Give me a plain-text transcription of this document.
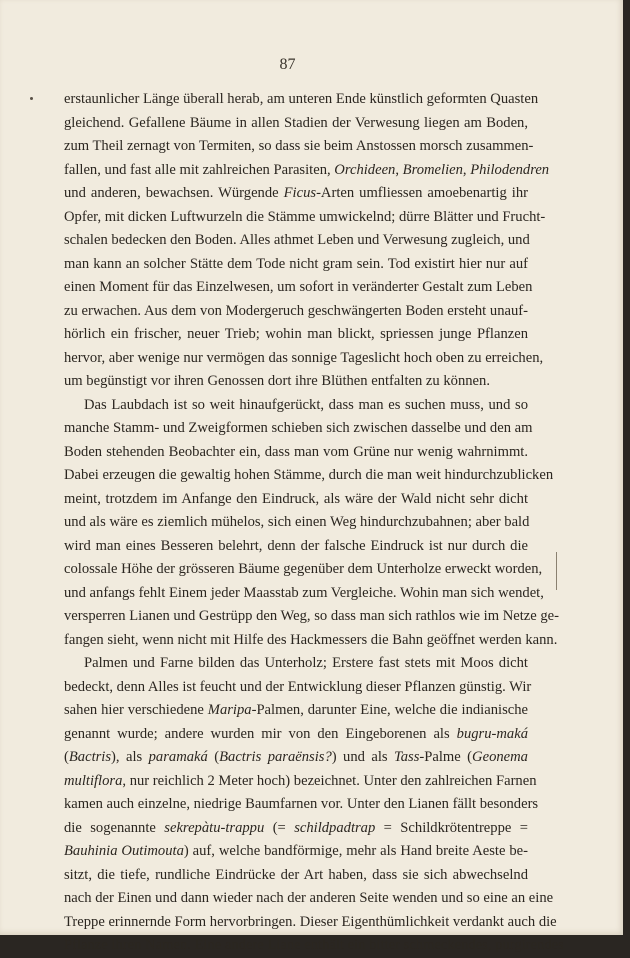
87
erstaunlicher Länge überall herab, am unteren Ende künstlich geformten Quasten
gleichend. Gefallene Bäume in allen Stadien der Verwesung liegen am Boden,
zum Theil zernagt von Termiten, so dass sie beim Anstossen morsch zusammen-
fallen, und fast alle mit zahlreichen Parasiten, Orchideen, Bromelien, Philodendren
und anderen, bewachsen. Würgende Ficus-Arten umfliessen amoebenartig ihr
Opfer, mit dicken Luftwurzeln die Stämme umwickelnd; dürre Blätter und Frucht-
schalen bedecken den Boden. Alles athmet Leben und Verwesung zugleich, und
man kann an solcher Stätte dem Tode nicht gram sein. Tod existirt hier nur auf
einen Moment für das Einzelwesen, um sofort in veränderter Gestalt zum Leben
zu erwachen. Aus dem von Modergeruch geschwängerten Boden ersteht unauf-
hörlich ein frischer, neuer Trieb; wohin man blickt, spriessen junge Pflanzen
hervor, aber wenige nur vermögen das sonnige Tageslicht hoch oben zu erreichen,
um begünstigt vor ihren Genossen dort ihre Blüthen entfalten zu können.
Das Laubdach ist so weit hinaufgerückt, dass man es suchen muss, und so
manche Stamm- und Zweigformen schieben sich zwischen dasselbe und den am
Boden stehenden Beobachter ein, dass man vom Grüne nur wenig wahrnimmt.
Dabei erzeugen die gewaltig hohen Stämme, durch die man weit hindurchzublicken
meint, trotzdem im Anfange den Eindruck, als wäre der Wald nicht sehr dicht
und als wäre es ziemlich mühelos, sich einen Weg hindurchzubahnen; aber bald
wird man eines Besseren belehrt, denn der falsche Eindruck ist nur durch die
colossale Höhe der grösseren Bäume gegenüber dem Unterholze erweckt worden,
und anfangs fehlt Einem jeder Maasstab zum Vergleiche. Wohin man sich wendet,
versperren Lianen und Gestrüpp den Weg, so dass man sich rathlos wie im Netze ge-
fangen sieht, wenn nicht mit Hilfe des Hackmessers die Bahn geöffnet werden kann.
Palmen und Farne bilden das Unterholz; Erstere fast stets mit Moos dicht
bedeckt, denn Alles ist feucht und der Entwicklung dieser Pflanzen günstig. Wir
sahen hier verschiedene Maripa-Palmen, darunter Eine, welche die indianische
genannt wurde; andere wurden mir von den Eingeborenen als bugru-maká
(Bactris), als paramaká (Bactris paraënsis?) und als Tass-Palme (Geonema
multiflora, nur reichlich 2 Meter hoch) bezeichnet. Unter den zahlreichen Farnen
kamen auch einzelne, niedrige Baumfarnen vor. Unter den Lianen fällt besonders
die sogenannte sekrepàtu-trappu (= schildpadtrap = Schildkrötentreppe =
Bauhinia Outimouta) auf, welche bandförmige, mehr als Hand breite Aeste be-
sitzt, die tiefe, rundliche Eindrücke der Art haben, dass sie sich abwechselnd
nach der Einen und dann wieder nach der anderen Seite wenden und so eine an eine
Treppe erinnernde Form hervorbringen. Dieser Eigenthümlichkeit verdankt auch die
Pflanze ihren Namen. Eine andere Liane enthält ein bitter schmeckendes, purgirendes
